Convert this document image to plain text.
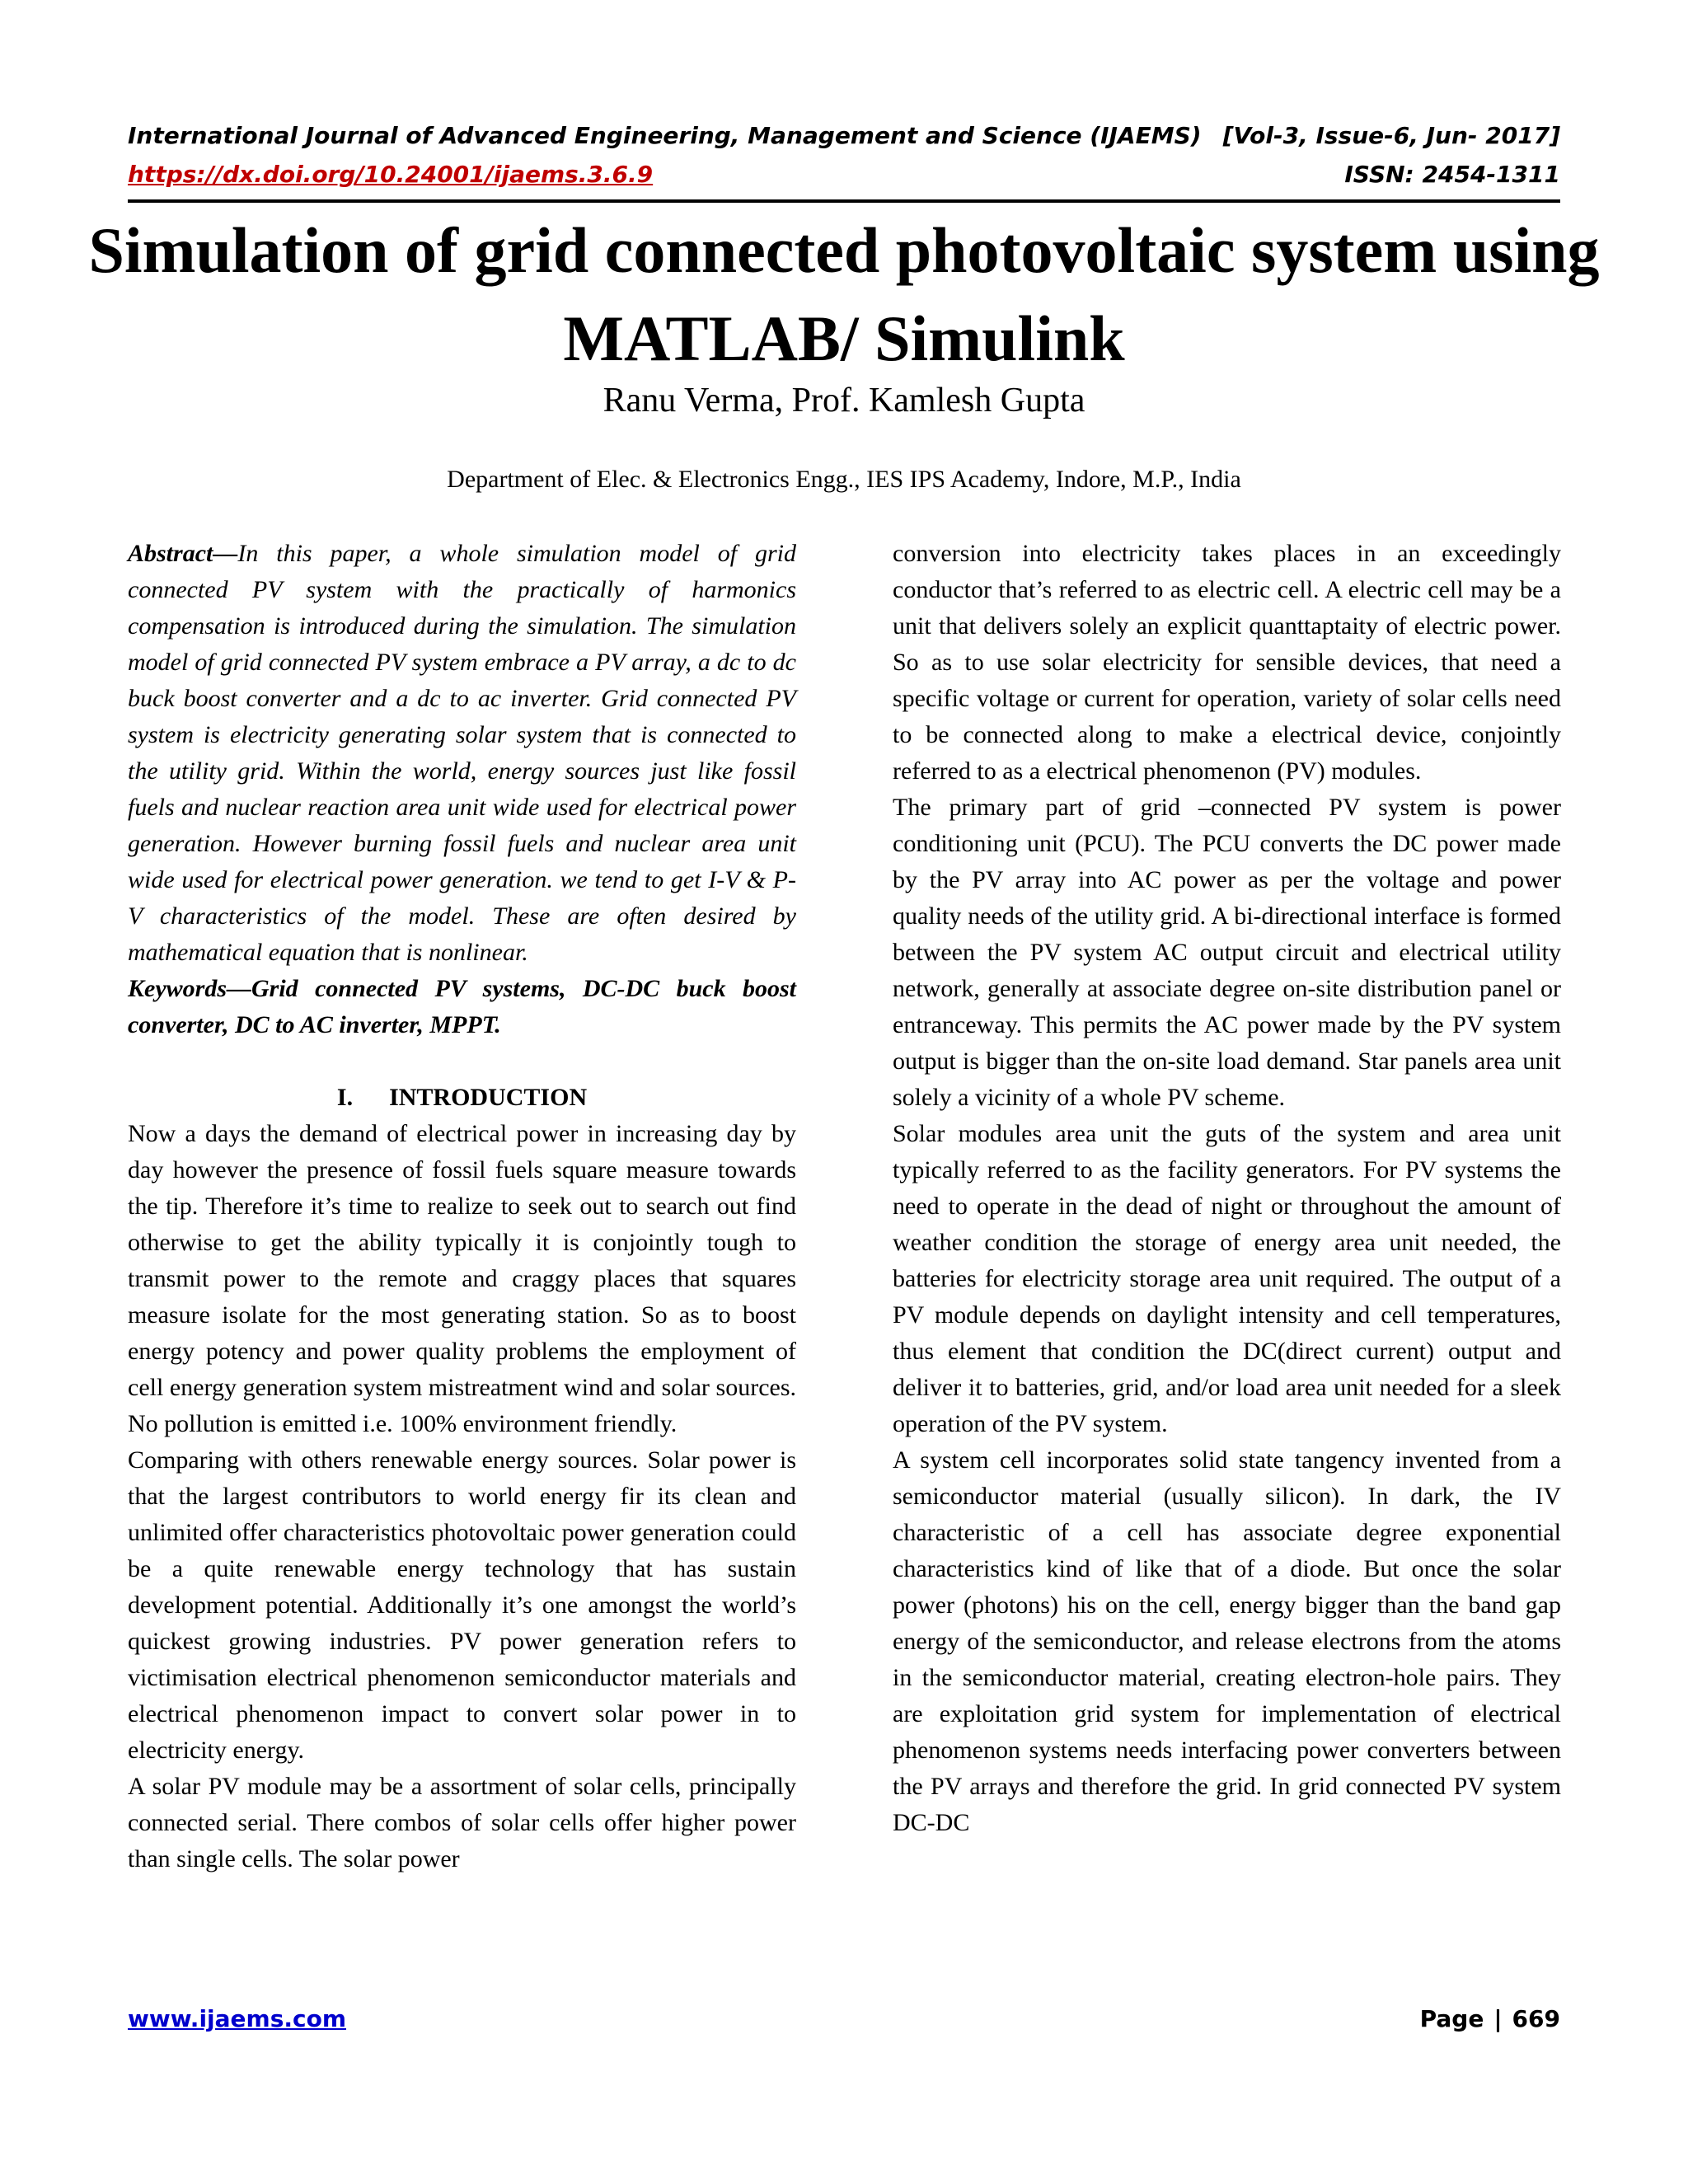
International Journal of Advanced Engineering, Management and Science (IJAEMS) [Vol-3, Issue-6, Jun- 2017]
https://dx.doi.org/10.24001/ijaems.3.6.9	ISSN: 2454-1311
Simulation of grid connected photovoltaic system using MATLAB/ Simulink
Ranu Verma, Prof. Kamlesh Gupta
Department of Elec. & Electronics Engg., IES IPS Academy, Indore, M.P., India

Abstract—In this paper, a whole simulation model of grid connected PV system with the practically of harmonics compensation is introduced during the simulation. The simulation model of grid connected PV system embrace a PV array, a dc to dc buck boost converter and a dc to ac inverter. Grid connected PV system is electricity generating solar system that is connected to the utility grid. Within the world, energy sources just like fossil fuels and nuclear reaction area unit wide used for electrical power generation. However burning fossil fuels and nuclear area unit wide used for electrical power generation. we tend to get I-V & P-V characteristics of the model. These are often desired by mathematical equation that is nonlinear.

Keywords—Grid connected PV systems, DC-DC buck boost converter, DC to AC inverter, MPPT.

I. INTRODUCTION

Now a days the demand of electrical power in increasing day by day however the presence of fossil fuels square measure towards the tip. Therefore it’s time to realize to seek out to search out find otherwise to get the ability typically it is conjointly tough to transmit power to the remote and craggy places that squares measure isolate for the most generating station. So as to boost energy potency and power quality problems the employment of cell energy generation system mistreatment wind and solar sources. No pollution is emitted i.e. 100% environment friendly.

Comparing with others renewable energy sources. Solar power is that the largest contributors to world energy fir its clean and unlimited offer characteristics photovoltaic power generation could be a quite renewable energy technology that has sustain development potential. Additionally it’s one amongst the world’s quickest growing industries. PV power generation refers to victimisation electrical phenomenon semiconductor materials and electrical phenomenon impact to convert solar power in to electricity energy.

A solar PV module may be a assortment of solar cells, principally connected serial. There combos of solar cells offer higher power than single cells. The solar power

conversion into electricity takes places in an exceedingly conductor that’s referred to as electric cell. A electric cell may be a unit that delivers solely an explicit quanttaptaity of electric power. So as to use solar electricity for sensible devices, that need a specific voltage or current for operation, variety of solar cells need to be connected along to make a electrical device, conjointly referred to as a electrical phenomenon (PV) modules.

The primary part of grid –connected PV system is power conditioning unit (PCU). The PCU converts the DC power made by the PV array into AC power as per the voltage and power quality needs of the utility grid. A bi-directional interface is formed between the PV system AC output circuit and electrical utility network, generally at associate degree on-site distribution panel or entranceway. This permits the AC power made by the PV system output is bigger than the on-site load demand. Star panels area unit solely a vicinity of a whole PV scheme.

Solar modules area unit the guts of the system and area unit typically referred to as the facility generators. For PV systems the need to operate in the dead of night or throughout the amount of weather condition the storage of energy area unit needed, the batteries for electricity storage area unit required. The output of a PV module depends on daylight intensity and cell temperatures, thus element that condition the DC(direct current) output and deliver it to batteries, grid, and/or load area unit needed for a sleek operation of the PV system.

A system cell incorporates solid state tangency invented from a semiconductor material (usually silicon). In dark, the IV characteristic of a cell has associate degree exponential characteristics kind of like that of a diode. But once the solar power (photons) his on the cell, energy bigger than the band gap energy of the semiconductor, and release electrons from the atoms in the semiconductor material, creating electron-hole pairs. They are exploitation grid system for implementation of electrical phenomenon systems needs interfacing power converters between the PV arrays and therefore the grid. In grid connected PV system DC-DC

www.ijaems.com	Page | 669
